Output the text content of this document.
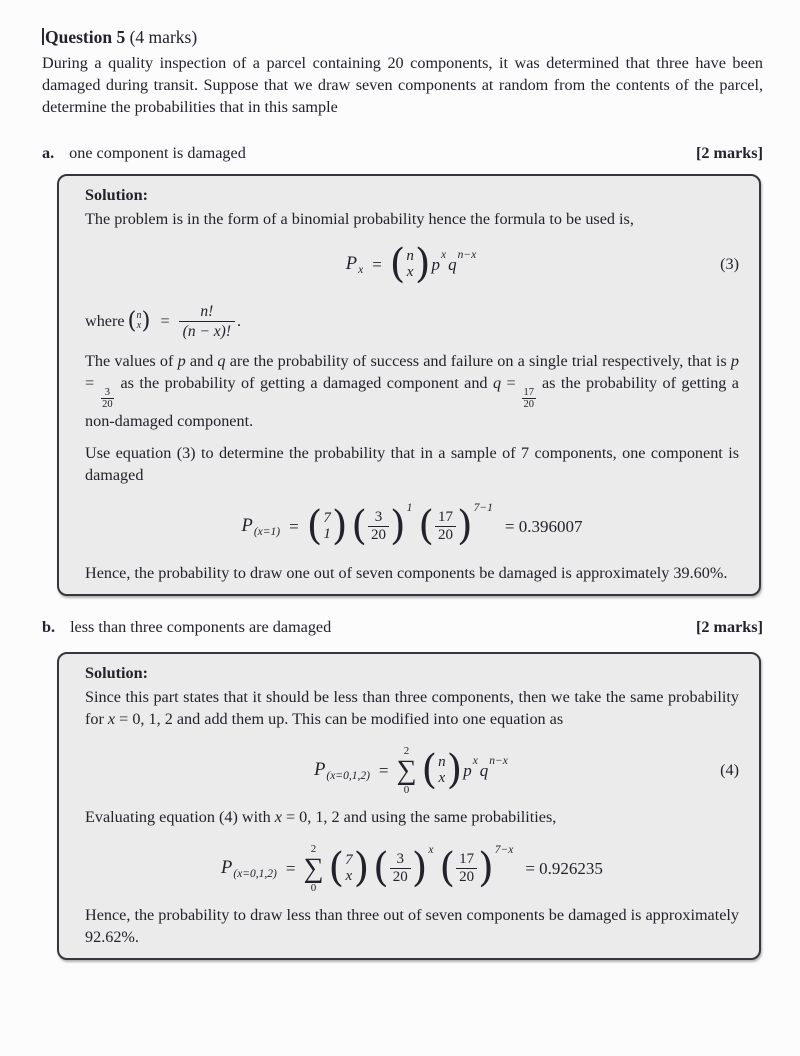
Question 5 (4 marks)

During a quality inspection of a parcel containing 20 components, it was determined that three have been damaged during transit. Suppose that we draw seven components at random from the contents of the parcel, determine the probabilities that in this sample

a. one component is damaged	[2 marks]
Solution:

The problem is in the form of a binomial probability hence the formula to be used is,

P x = ( n
x ) p x q n−x	(3)
where ( n
x ) = $\frac{n!}{(n - x)!}$ .

The values of p and q are the probability of success and failure on a single trial respectively, that is p =
$\frac{3}{20}$
as the probability of getting a damaged component and q =
$\frac{17}{20}$
as the probability of getting a non-damaged component.

Use equation (3) to determine the probability that in a sample of 7 components, one component is damaged

P (x=1) = ( 7
1 ) ( $\frac{3}{20}$ ) 1 ( $\frac{17}{20}$ ) 7−1
= 0.396007

Hence, the probability to draw one out of seven components be damaged is approximately 39.60%.

b. less than three components are damaged	[2 marks]
Solution:

Since this part states that it should be less than three components, then we take the same probability for x = 0, 1, 2 and add them up. This can be modified into one equation as

P (x=0,1,2) =
2
∑
0 ( n
x ) p x q n−x	(4)

Evaluating equation (4) with x = 0, 1, 2 and using the same probabilities,

P (x=0,1,2) =
2
∑
0 ( 7
x ) ( $\frac{3}{20}$ ) x ( $\frac{17}{20}$ ) 7−x
= 0.926235

Hence, the probability to draw less than three out of seven components be damaged is approximately 92.62%.
